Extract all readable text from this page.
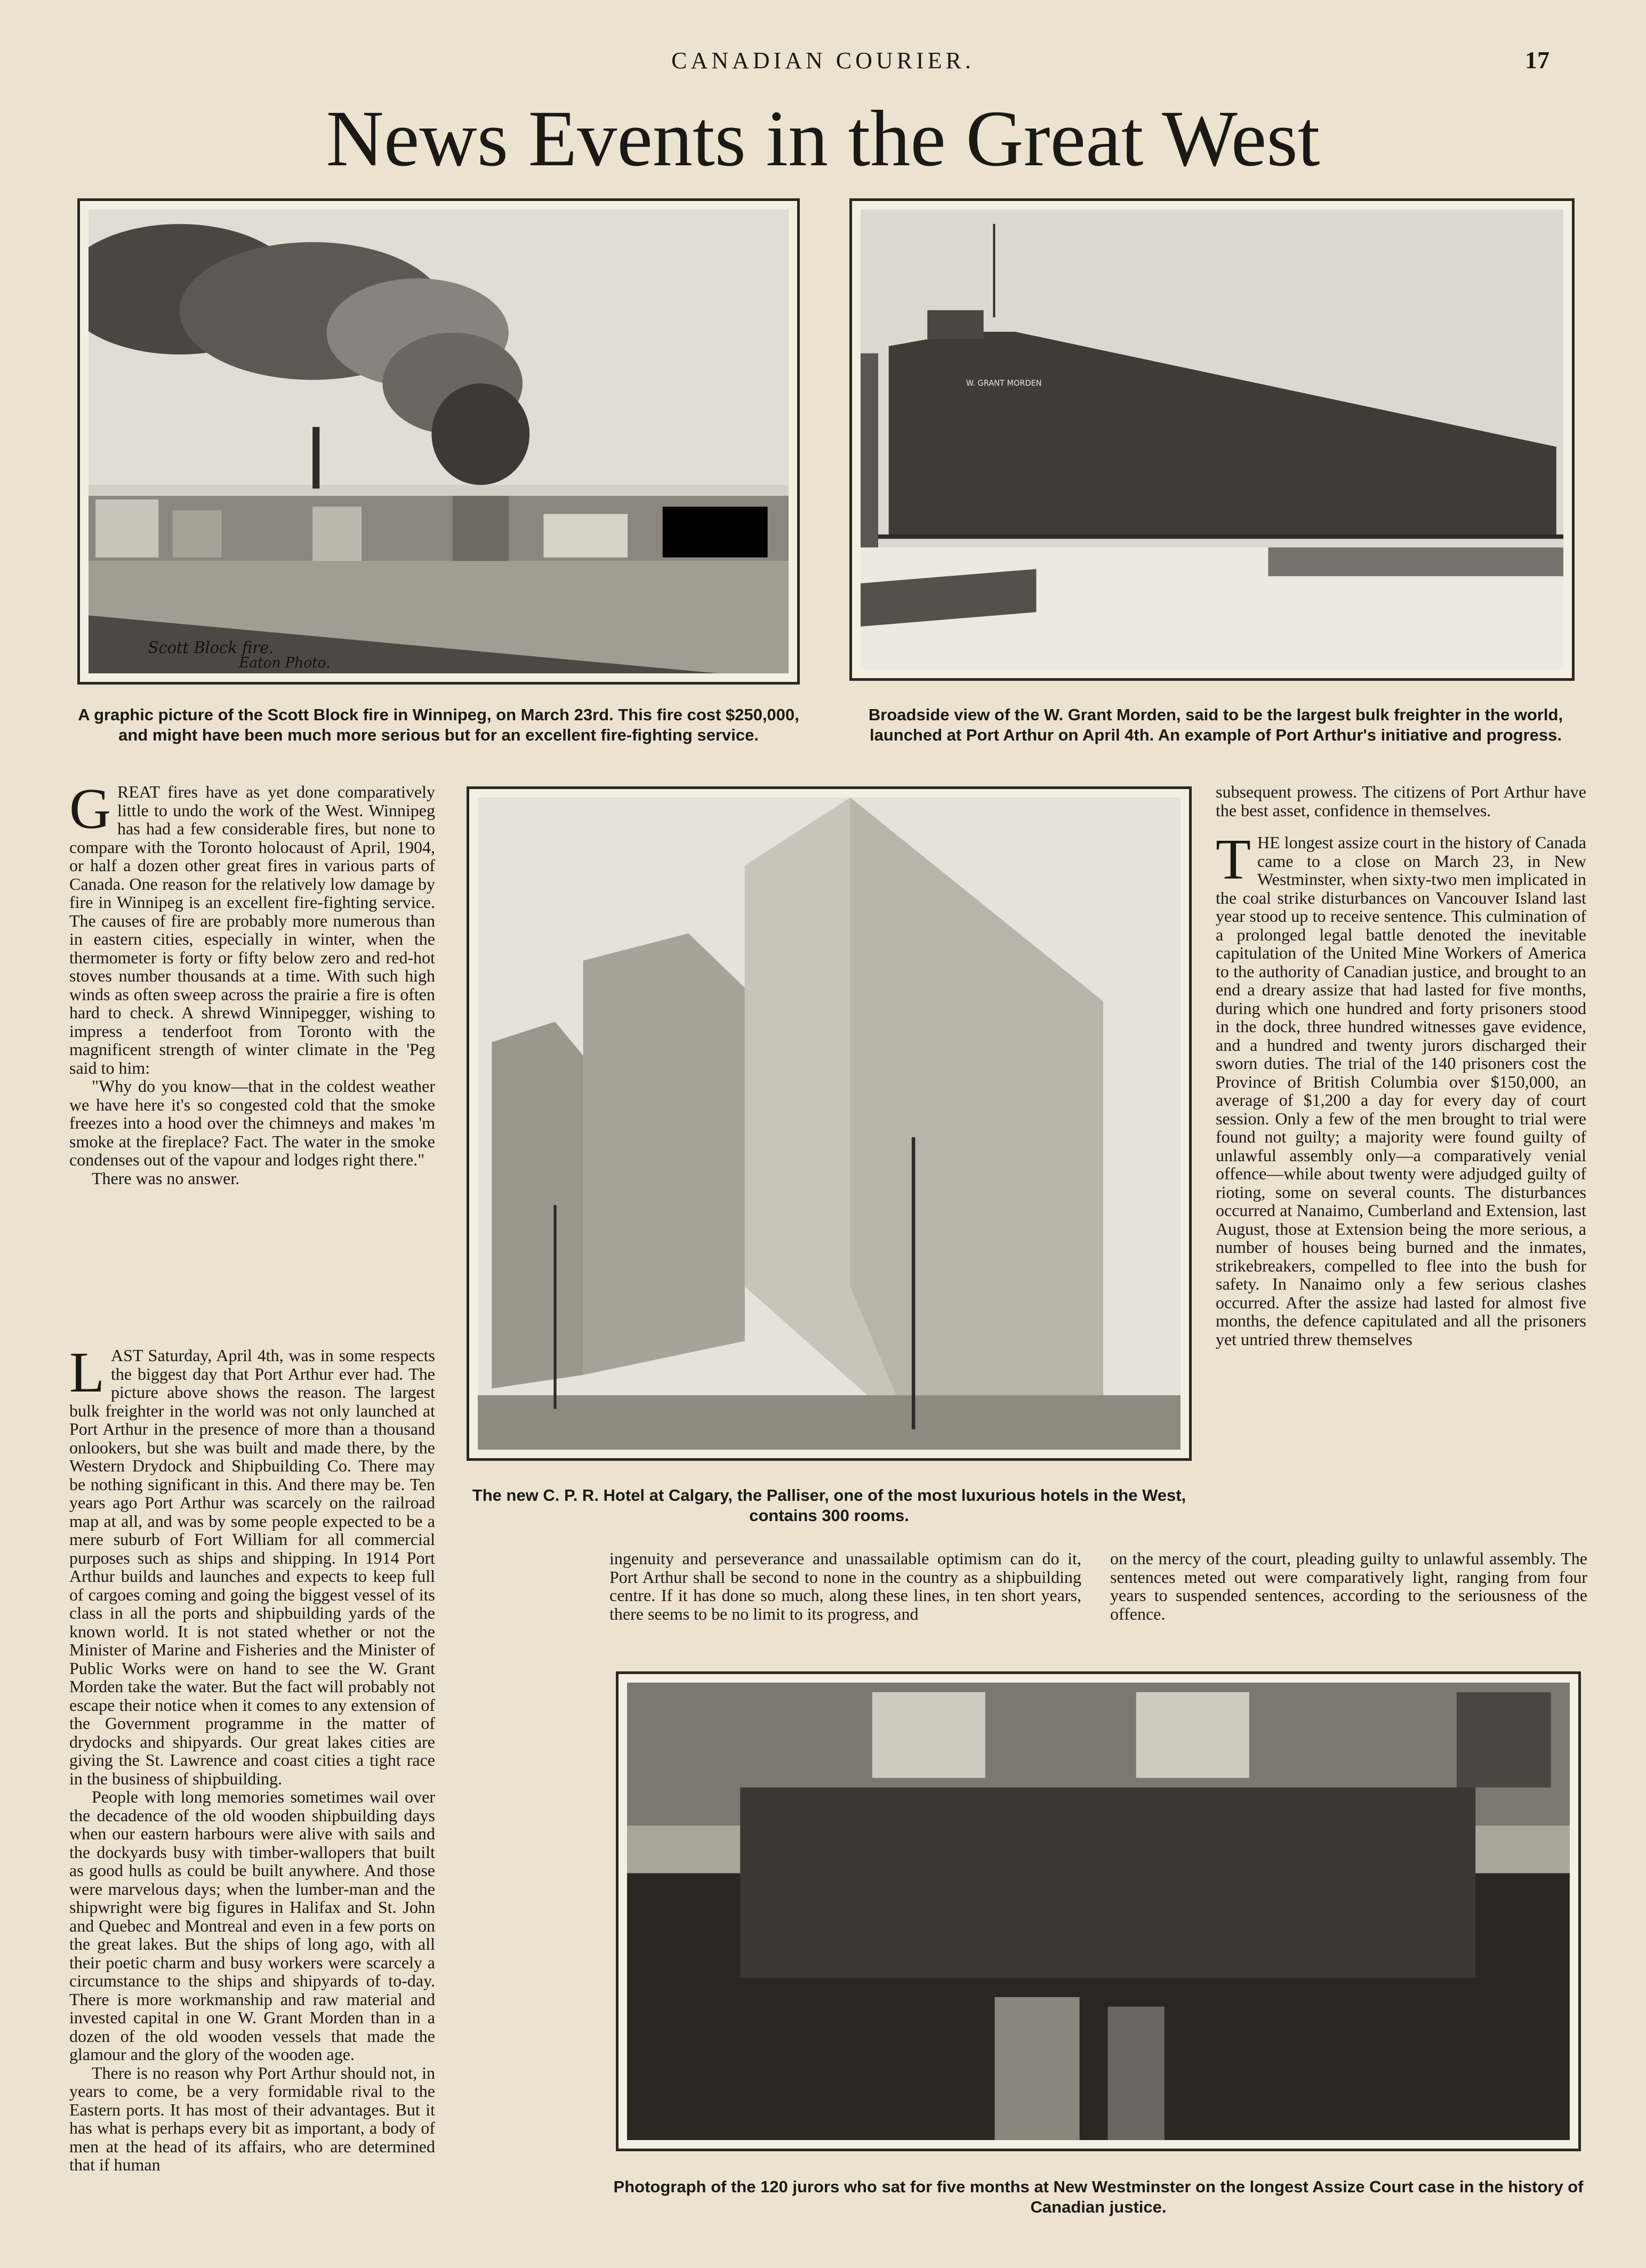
CANADIAN COURIER.	17
News Events in the Great West
Scott Block fire.
Eaton Photo.
A graphic picture of the Scott Block fire in Winnipeg, on March 23rd. This fire cost $250,000, and might have been much more serious but for an excellent fire-fighting service.
W. GRANT MORDEN
Broadside view of the W. Grant Morden, said to be the largest bulk freighter in the world, launched at Port Arthur on April 4th. An example of Port Arthur's initiative and progress.
The new C. P. R. Hotel at Calgary, the Palliser, one of the most luxurious hotels in the West, contains 300 rooms.
Photograph of the 120 jurors who sat for five months at New Westminster on the longest Assize Court case in the history of Canadian justice.
G REAT fires have as yet done comparatively little to undo the work of the West. Winnipeg has had a few considerable fires, but none to compare with the Toronto holocaust of April, 1904, or half a dozen other great fires in various parts of Canada. One reason for the relatively low damage by fire in Winnipeg is an excellent fire-fighting service. The causes of fire are probably more numerous than in eastern cities, especially in winter, when the thermometer is forty or fifty below zero and red-hot stoves number thousands at a time. With such high winds as often sweep across the prairie a fire is often hard to check. A shrewd Winnipegger, wishing to impress a tenderfoot from Toronto with the magnificent strength of winter climate in the 'Peg said to him:

"Why do you know—that in the coldest weather we have here it's so congested cold that the smoke freezes into a hood over the chimneys and makes 'm smoke at the fireplace? Fact. The water in the smoke condenses out of the vapour and lodges right there."

There was no answer.

L AST Saturday, April 4th, was in some respects the biggest day that Port Arthur ever had. The picture above shows the reason. The largest bulk freighter in the world was not only launched at Port Arthur in the presence of more than a thousand onlookers, but she was built and made there, by the Western Drydock and Shipbuilding Co. There may be nothing significant in this. And there may be. Ten years ago Port Arthur was scarcely on the railroad map at all, and was by some people expected to be a mere suburb of Fort William for all commercial purposes such as ships and shipping. In 1914 Port Arthur builds and launches and expects to keep full of cargoes coming and going the biggest vessel of its class in all the ports and shipbuilding yards of the known world. It is not stated whether or not the Minister of Marine and Fisheries and the Minister of Public Works were on hand to see the W. Grant Morden take the water. But the fact will probably not escape their notice when it comes to any extension of the Government programme in the matter of drydocks and shipyards. Our great lakes cities are giving the St. Lawrence and coast cities a tight race in the business of shipbuilding.

People with long memories sometimes wail over the decadence of the old wooden shipbuilding days when our eastern harbours were alive with sails and the dockyards busy with timber-wallopers that built as good hulls as could be built anywhere. And those were marvelous days; when the lumber-man and the shipwright were big figures in Halifax and St. John and Quebec and Montreal and even in a few ports on the great lakes. But the ships of long ago, with all their poetic charm and busy workers were scarcely a circumstance to the ships and shipyards of to-day. There is more workmanship and raw material and invested capital in one W. Grant Morden than in a dozen of the old wooden vessels that made the glamour and the glory of the wooden age.

There is no reason why Port Arthur should not, in years to come, be a very formidable rival to the Eastern ports. It has most of their advantages. But it has what is perhaps every bit as important, a body of men at the head of its affairs, who are determined that if human

ingenuity and perseverance and unassailable optimism can do it, Port Arthur shall be second to none in the country as a shipbuilding centre. If it has done so much, along these lines, in ten short years, there seems to be no limit to its progress, and

subsequent prowess. The citizens of Port Arthur have the best asset, confidence in themselves.

T HE longest assize court in the history of Canada came to a close on March 23, in New Westminster, when sixty-two men implicated in the coal strike disturbances on Vancouver Island last year stood up to receive sentence. This culmination of a prolonged legal battle denoted the inevitable capitulation of the United Mine Workers of America to the authority of Canadian justice, and brought to an end a dreary assize that had lasted for five months, during which one hundred and forty prisoners stood in the dock, three hundred witnesses gave evidence, and a hundred and twenty jurors discharged their sworn duties. The trial of the 140 prisoners cost the Province of British Columbia over $150,000, an average of $1,200 a day for every day of court session. Only a few of the men brought to trial were found not guilty; a majority were found guilty of unlawful assembly only—a comparatively venial offence—while about twenty were adjudged guilty of rioting, some on several counts. The disturbances occurred at Nanaimo, Cumberland and Extension, last August, those at Extension being the more serious, a number of houses being burned and the inmates, strikebreakers, compelled to flee into the bush for safety. In Nanaimo only a few serious clashes occurred. After the assize had lasted for almost five months, the defence capitulated and all the prisoners yet untried threw themselves

on the mercy of the court, pleading guilty to unlawful assembly. The sentences meted out were comparatively light, ranging from four years to suspended sentences, according to the seriousness of the offence.
